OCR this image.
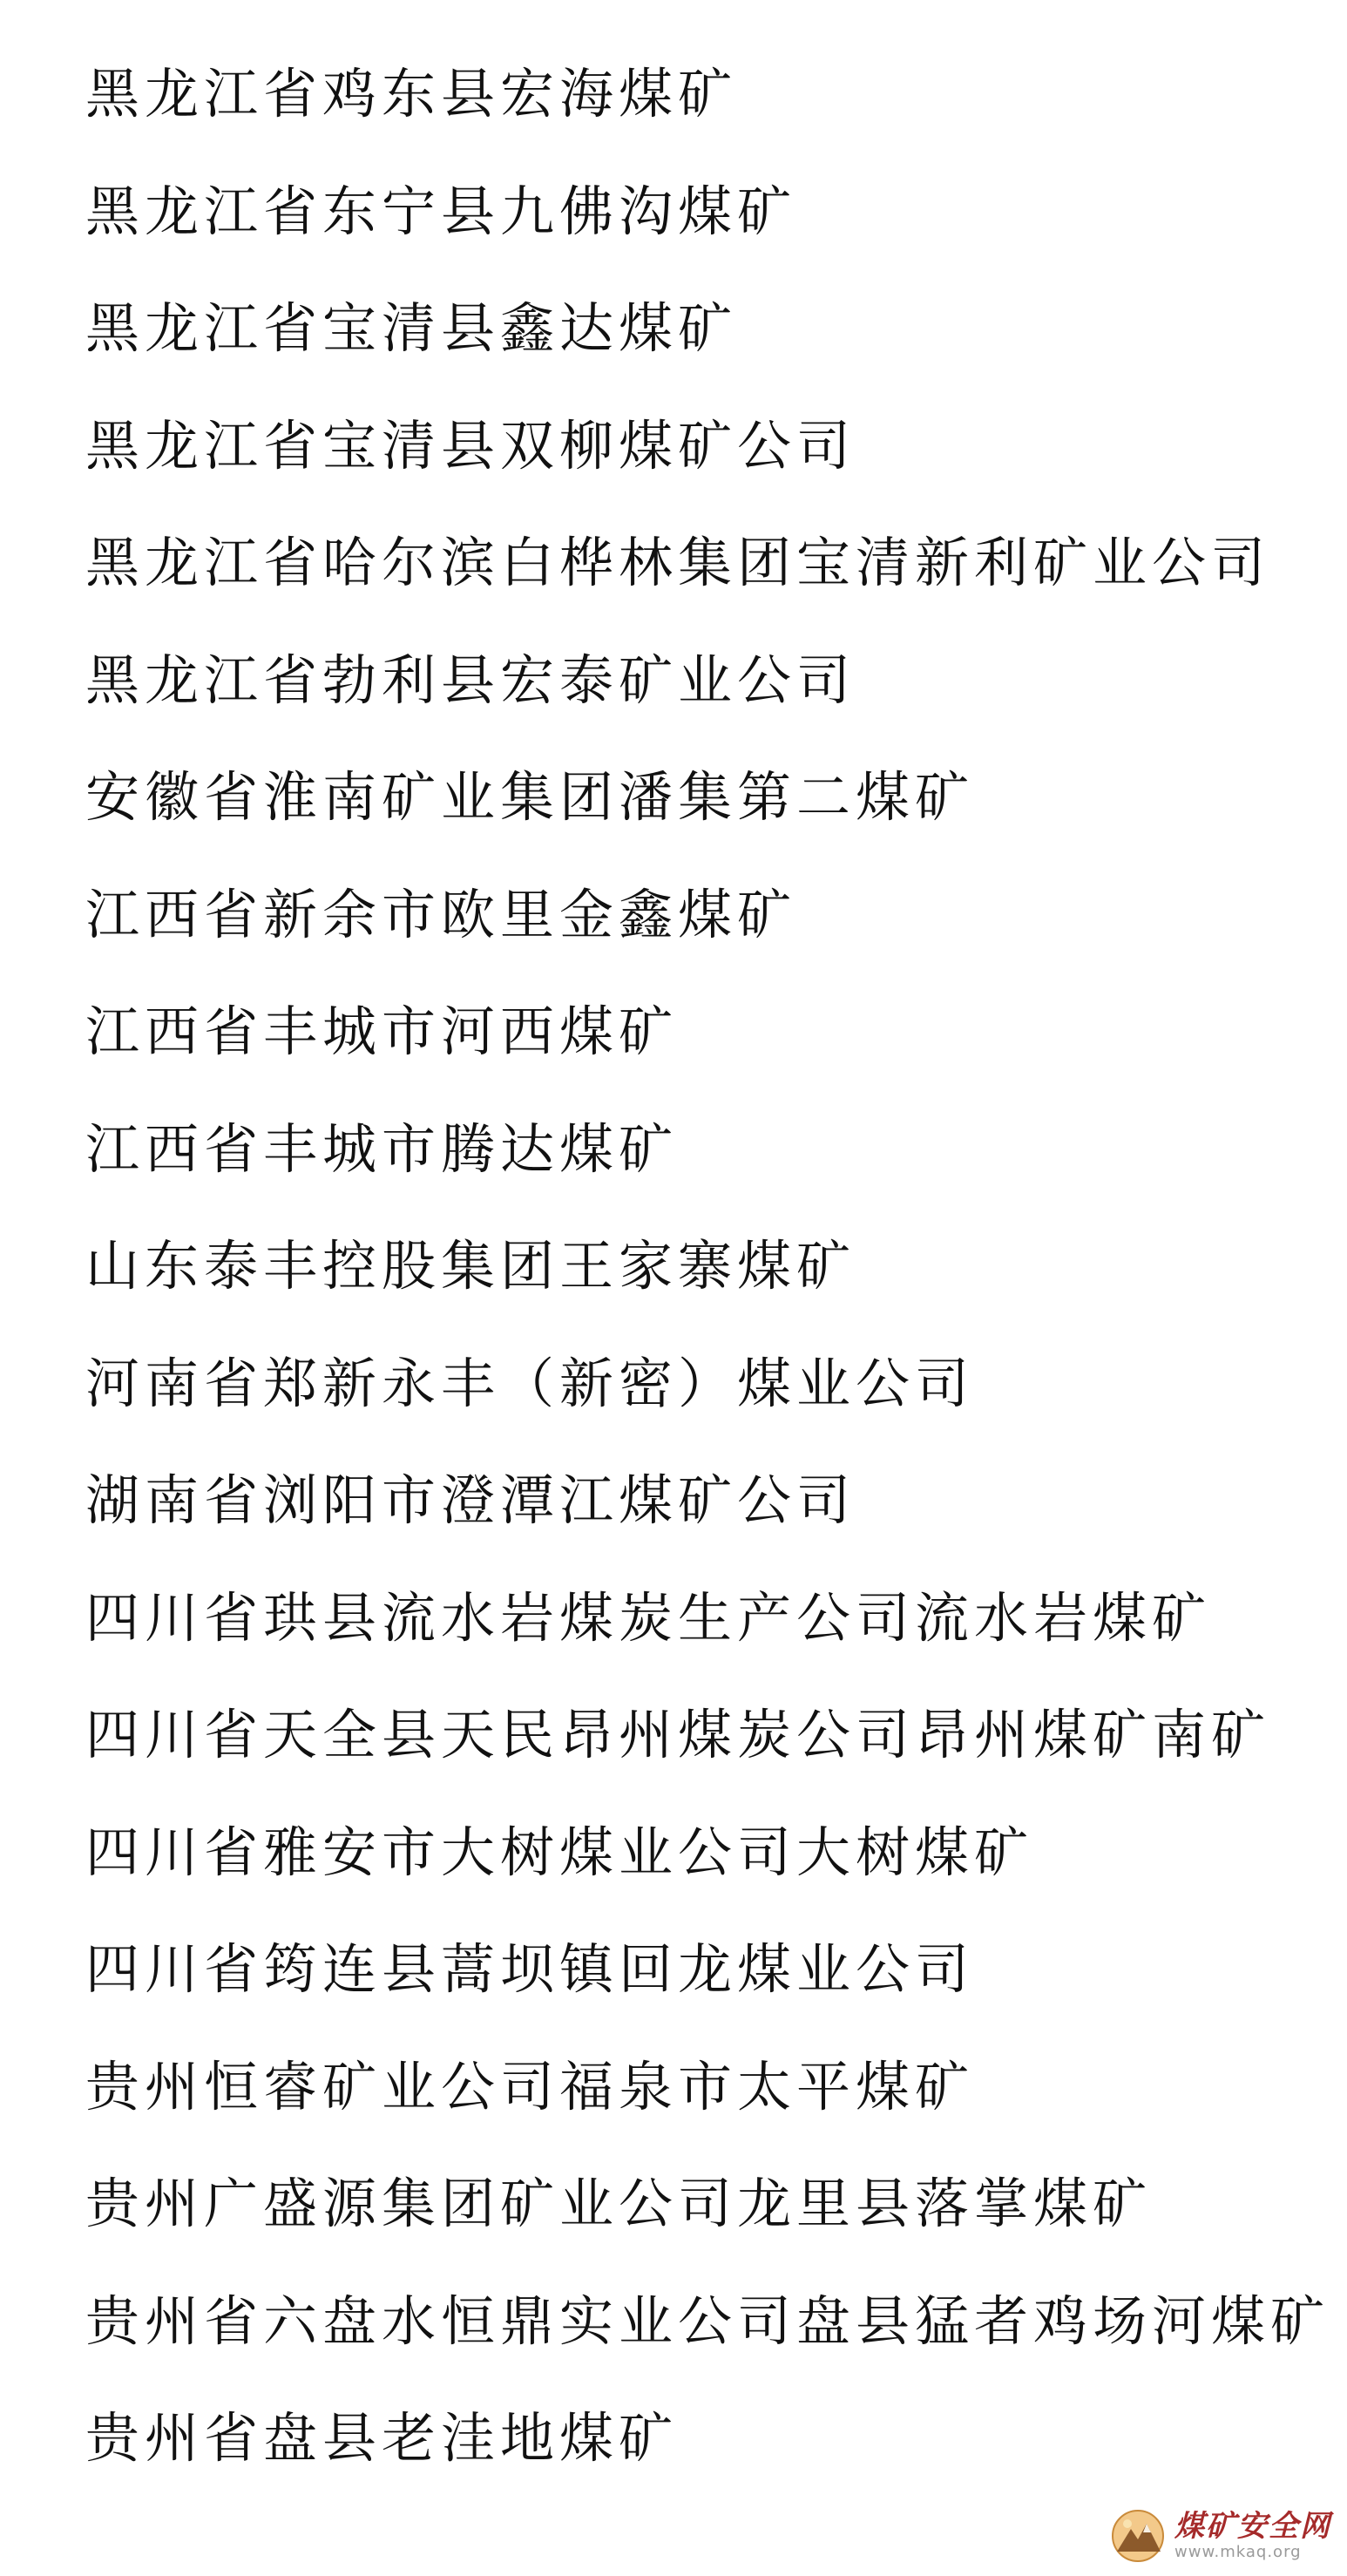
黑龙江省鸡东县宏海煤矿
黑龙江省东宁县九佛沟煤矿
黑龙江省宝清县鑫达煤矿
黑龙江省宝清县双柳煤矿公司
黑龙江省哈尔滨白桦林集团宝清新利矿业公司
黑龙江省勃利县宏泰矿业公司
安徽省淮南矿业集团潘集第二煤矿
江西省新余市欧里金鑫煤矿
江西省丰城市河西煤矿
江西省丰城市腾达煤矿
山东泰丰控股集团王家寨煤矿
河南省郑新永丰（新密）煤业公司
湖南省浏阳市澄潭江煤矿公司
四川省珙县流水岩煤炭生产公司流水岩煤矿
四川省天全县天民昂州煤炭公司昂州煤矿南矿
四川省雅安市大树煤业公司大树煤矿
四川省筠连县蒿坝镇回龙煤业公司
贵州恒睿矿业公司福泉市太平煤矿
贵州广盛源集团矿业公司龙里县落掌煤矿
贵州省六盘水恒鼎实业公司盘县猛者鸡场河煤矿
贵州省盘县老洼地煤矿
煤矿安全网
www.mkaq.org
